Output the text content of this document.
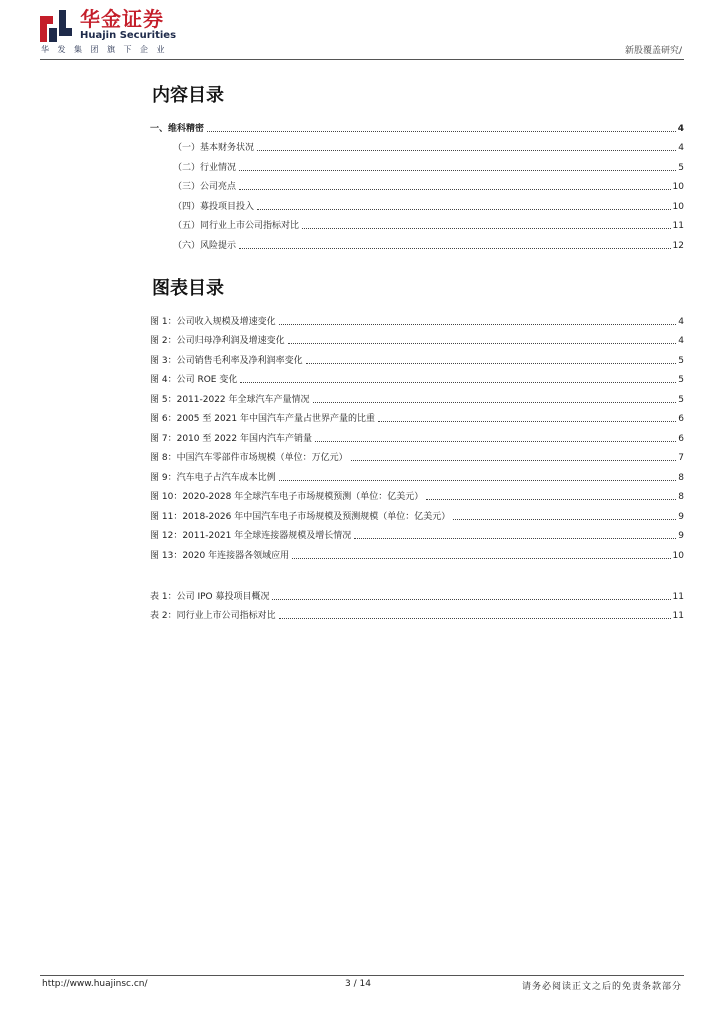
华金证券
Huajin Securities
华发集团旗下企业	新股覆盖研究/
内容目录
一、维科精密	4
（一）基本财务状况	4
（二）行业情况	5
（三）公司亮点	10
（四）募投项目投入	10
（五）同行业上市公司指标对比	11
（六）风险提示	12
图表目录
图 1：公司收入规模及增速变化	4
图 2：公司归母净利润及增速变化	4
图 3：公司销售毛利率及净利润率变化	5
图 4：公司 ROE 变化	5
图 5：2011-2022 年全球汽车产量情况	5
图 6：2005 至 2021 年中国汽车产量占世界产量的比重	6
图 7：2010 至 2022 年国内汽车产销量	6
图 8：中国汽车零部件市场规模（单位：万亿元）	7
图 9：汽车电子占汽车成本比例	8
图 10：2020-2028 年全球汽车电子市场规模预测（单位：亿美元）	8
图 11：2018-2026 年中国汽车电子市场规模及预测规模（单位：亿美元）	9
图 12：2011-2021 年全球连接器规模及增长情况	9
图 13：2020 年连接器各领域应用	10
表 1：公司 IPO 募投项目概况	11
表 2：同行业上市公司指标对比	11
http://www.huajinsc.cn/	3 / 14	请务必阅读正文之后的免责条款部分
